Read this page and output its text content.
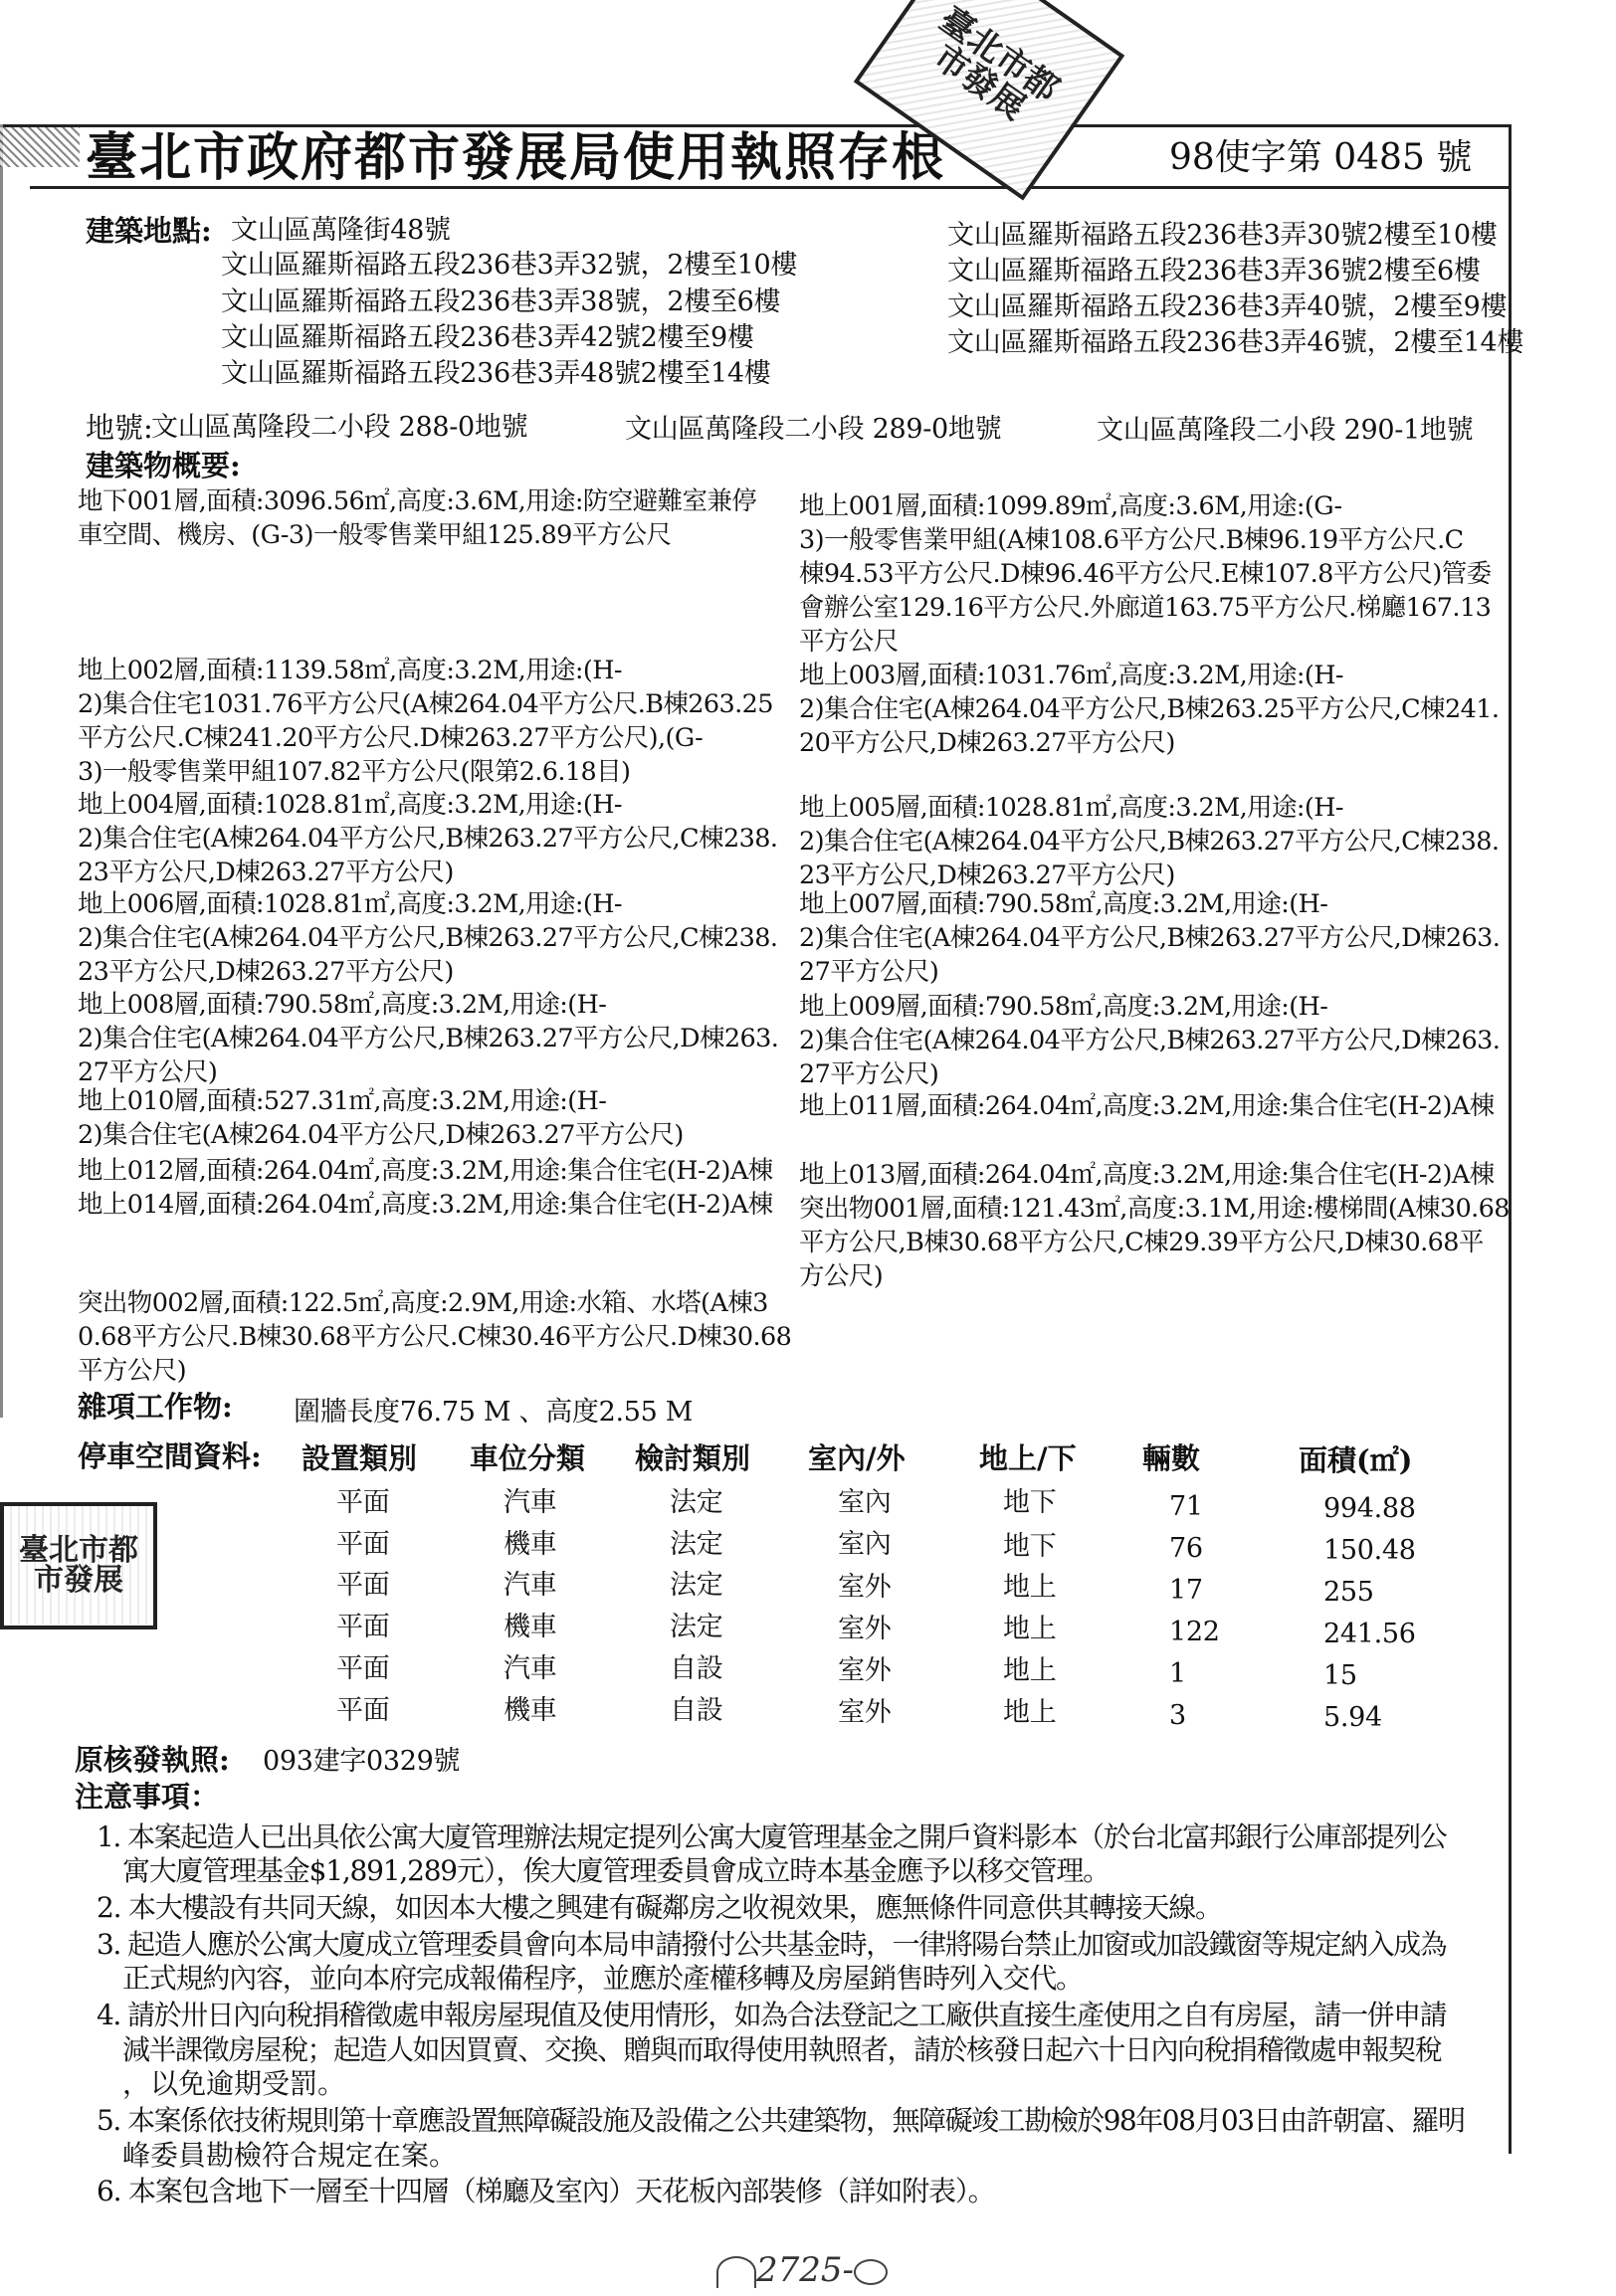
臺北市政府都市發展局使用執照存根	98使字第 0485 號
臺北市都市發展
建築地點: 文山區萬隆街48號
文山區羅斯福路五段236巷3弄32號，2樓至10樓
文山區羅斯福路五段236巷3弄38號，2樓至6樓
文山區羅斯福路五段236巷3弄42號2樓至9樓
文山區羅斯福路五段236巷3弄48號2樓至14樓
文山區羅斯福路五段236巷3弄30號2樓至10樓
文山區羅斯福路五段236巷3弄36號2樓至6樓
文山區羅斯福路五段236巷3弄40號，2樓至9樓
文山區羅斯福路五段236巷3弄46號，2樓至14樓
地號:
文山區萬隆段二小段 288-0地號	文山區萬隆段二小段 289-0地號	文山區萬隆段二小段 290-1地號
建築物概要:
地下001層,面積:3096.56㎡,高度:3.6M,用途:防空避難室兼停
車空間、機房、(G-3)一般零售業甲組125.89平方公尺
地上001層,面積:1099.89㎡,高度:3.6M,用途:(G-
3)一般零售業甲組(A棟108.6平方公尺.B棟96.19平方公尺.C
棟94.53平方公尺.D棟96.46平方公尺.E棟107.8平方公尺)管委
會辦公室129.16平方公尺.外廊道163.75平方公尺.梯廳167.13
平方公尺
地上002層,面積:1139.58㎡,高度:3.2M,用途:(H-
2)集合住宅1031.76平方公尺(A棟264.04平方公尺.B棟263.25
平方公尺.C棟241.20平方公尺.D棟263.27平方公尺),(G-
3)一般零售業甲組107.82平方公尺(限第2.6.18目)
地上003層,面積:1031.76㎡,高度:3.2M,用途:(H-
2)集合住宅(A棟264.04平方公尺,B棟263.25平方公尺,C棟241.
20平方公尺,D棟263.27平方公尺)
地上004層,面積:1028.81㎡,高度:3.2M,用途:(H-
2)集合住宅(A棟264.04平方公尺,B棟263.27平方公尺,C棟238.
23平方公尺,D棟263.27平方公尺)
地上005層,面積:1028.81㎡,高度:3.2M,用途:(H-
2)集合住宅(A棟264.04平方公尺,B棟263.27平方公尺,C棟238.
23平方公尺,D棟263.27平方公尺)
地上006層,面積:1028.81㎡,高度:3.2M,用途:(H-
2)集合住宅(A棟264.04平方公尺,B棟263.27平方公尺,C棟238.
23平方公尺,D棟263.27平方公尺)
地上007層,面積:790.58㎡,高度:3.2M,用途:(H-
2)集合住宅(A棟264.04平方公尺,B棟263.27平方公尺,D棟263.
27平方公尺)
地上008層,面積:790.58㎡,高度:3.2M,用途:(H-
2)集合住宅(A棟264.04平方公尺,B棟263.27平方公尺,D棟263.
27平方公尺)
地上009層,面積:790.58㎡,高度:3.2M,用途:(H-
2)集合住宅(A棟264.04平方公尺,B棟263.27平方公尺,D棟263.
27平方公尺)
地上010層,面積:527.31㎡,高度:3.2M,用途:(H-
2)集合住宅(A棟264.04平方公尺,D棟263.27平方公尺)
地上011層,面積:264.04㎡,高度:3.2M,用途:集合住宅(H-2)A棟
地上012層,面積:264.04㎡,高度:3.2M,用途:集合住宅(H-2)A棟
地上014層,面積:264.04㎡,高度:3.2M,用途:集合住宅(H-2)A棟
地上013層,面積:264.04㎡,高度:3.2M,用途:集合住宅(H-2)A棟
突出物001層,面積:121.43㎡,高度:3.1M,用途:樓梯間(A棟30.68
平方公尺,B棟30.68平方公尺,C棟29.39平方公尺,D棟30.68平
方公尺)
突出物002層,面積:122.5㎡,高度:2.9M,用途:水箱、水塔(A棟3
0.68平方公尺.B棟30.68平方公尺.C棟30.46平方公尺.D棟30.68
平方公尺)
雜項工作物: 圍牆長度76.75 M 、高度2.55 M
停車空間資料: 設置類別 車位分類 檢討類別 室內/外	地上/下 輛數	面積(㎡)
平面	汽車	法定	室內	地下	71	994.88
平面	機車	法定	室內	地下	76	150.48
平面	汽車	法定	室外	地上	17	255
平面	機車	法定	室外	地上	122	241.56
平面	汽車	自設	室外	地上	1	15
平面	機車	自設	室外	地上	3	5.94
臺北市都市發展
原核發執照: 093建字0329號
注意事項：
1. 本案起造人已出具依公寓大廈管理辦法規定提列公寓大廈管理基金之開戶資料影本（於台北富邦銀行公庫部提列公
寓大廈管理基金$1,891,289元），俟大廈管理委員會成立時本基金應予以移交管理。
2. 本大樓設有共同天線，如因本大樓之興建有礙鄰房之收視效果，應無條件同意供其轉接天線。
3. 起造人應於公寓大廈成立管理委員會向本局申請撥付公共基金時，一律將陽台禁止加窗或加設鐵窗等規定納入成為
正式規約內容，並向本府完成報備程序，並應於產權移轉及房屋銷售時列入交代。
4. 請於卅日內向稅捐稽徵處申報房屋現值及使用情形，如為合法登記之工廠供直接生產使用之自有房屋，請一併申請
減半課徵房屋稅；起造人如因買賣、交換、贈與而取得使用執照者，請於核發日起六十日內向稅捐稽徵處申報契稅
，以免逾期受罰。
5. 本案係依技術規則第十章應設置無障礙設施及設備之公共建築物，無障礙竣工勘檢於98年08月03日由許朝富、羅明
峰委員勘檢符合規定在案。
6. 本案包含地下一層至十四層（梯廳及室內）天花板內部裝修（詳如附表）。
2725-
